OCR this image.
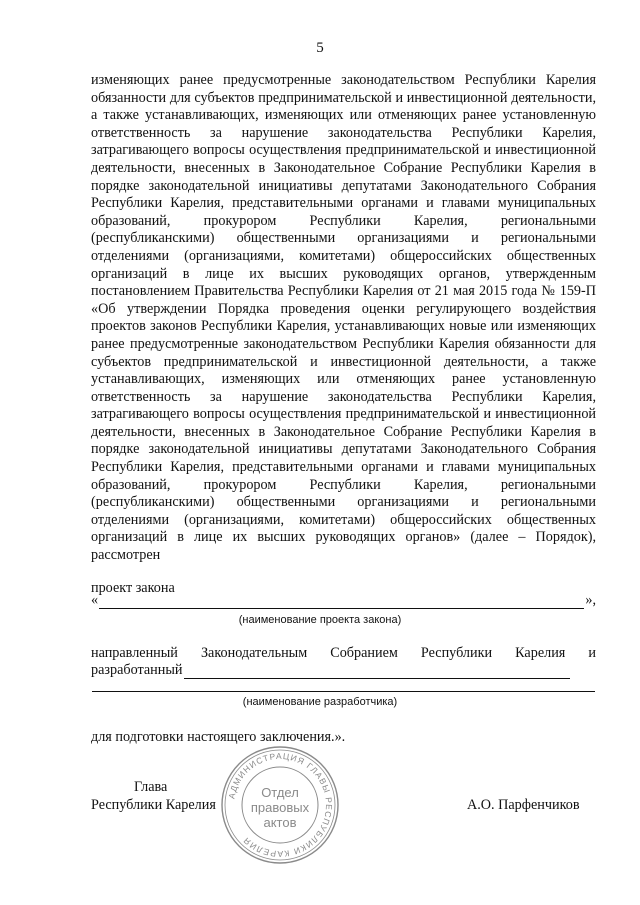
5

изменяющих ранее предусмотренные законодательством Республики Карелия обязанности для субъектов предпринимательской и инвестиционной деятельности, а также устанавливающих, изменяющих или отменяющих ранее установленную ответственность за нарушение законодательства Республики Карелия, затрагивающего вопросы осуществления предпринимательской и инвестиционной деятельности, внесенных в Законодательное Собрание Республики Карелия в порядке законодательной инициативы депутатами Законодательного Собрания Республики Карелия, представительными органами и главами муниципальных образований, прокурором Республики Карелия, региональными (республиканскими) общественными организациями и региональными отделениями (организациями, комитетами) общероссийских общественных организаций в лице их высших руководящих органов, утвержденным постановлением Правительства Республики Карелия от 21 мая 2015 года № 159-П «Об утверждении Порядка проведения оценки регулирующего воздействия проектов законов Республики Карелия, устанавливающих новые или изменяющих ранее предусмотренные законодательством Республики Карелия обязанности для субъектов предпринимательской и инвестиционной деятельности, а также устанавливающих, изменяющих или отменяющих ранее установленную ответственность за нарушение законодательства Республики Карелия, затрагивающего вопросы осуществления предпринимательской и инвестиционной деятельности, внесенных в Законодательное Собрание Республики Карелия в порядке законодательной инициативы депутатами Законодательного Собрания Республики Карелия, представительными органами и главами муниципальных образований, прокурором Республики Карелия, региональными (республиканскими) общественными организациями и региональными отделениями (организациями, комитетами) общероссийских общественных организаций в лице их высших руководящих органов» (далее – Порядок), рассмотрен

проект закона
«	»,
(наименование проекта закона)
направленный Законодательным Собранием Республики Карелия и
разработанный
(наименование разработчика)
для подготовки настоящего заключения.».
Глава
Республики Карелия	А.О. Парфенчиков
АДМИНИСТРАЦИЯ ГЛАВЫ РЕСПУБЛИКИ КАРЕЛИЯ
Отдел
правовых
актов
